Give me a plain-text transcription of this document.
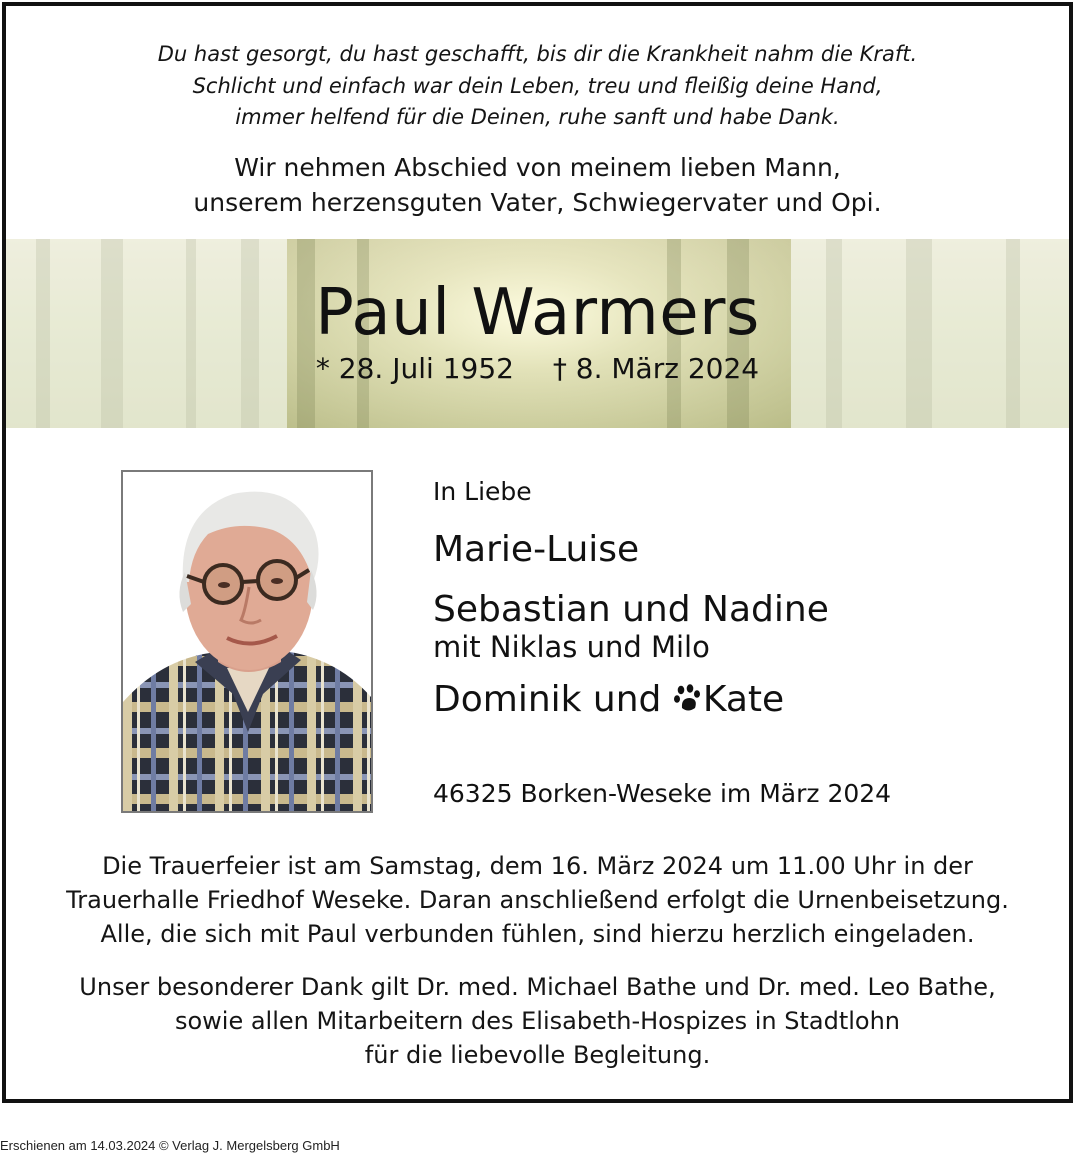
Du hast gesorgt, du hast geschafft, bis dir die Krankheit nahm die Kraft.
Schlicht und einfach war dein Leben, treu und fleißig deine Hand,
immer helfend für die Deinen, ruhe sanft und habe Dank.
Wir nehmen Abschied von meinem lieben Mann,
unserem herzensguten Vater, Schwiegervater und Opi.
Paul Warmers
* 28. Juli 1952 † 8. März 2024
In Liebe
Marie-Luise
Sebastian und Nadine
mit Niklas und Milo
Dominik und Kate
46325 Borken-Weseke im März 2024
Die Trauerfeier ist am Samstag, dem 16. März 2024 um 11.00 Uhr in der
Trauerhalle Friedhof Weseke. Daran anschließend erfolgt die Urnenbeisetzung.
Alle, die sich mit Paul verbunden fühlen, sind hierzu herzlich eingeladen.
Unser besonderer Dank gilt Dr. med. Michael Bathe und Dr. med. Leo Bathe,
sowie allen Mitarbeitern des Elisabeth-Hospizes in Stadtlohn
für die liebevolle Begleitung.
Erschienen am 14.03.2024 © Verlag J. Mergelsberg GmbH
